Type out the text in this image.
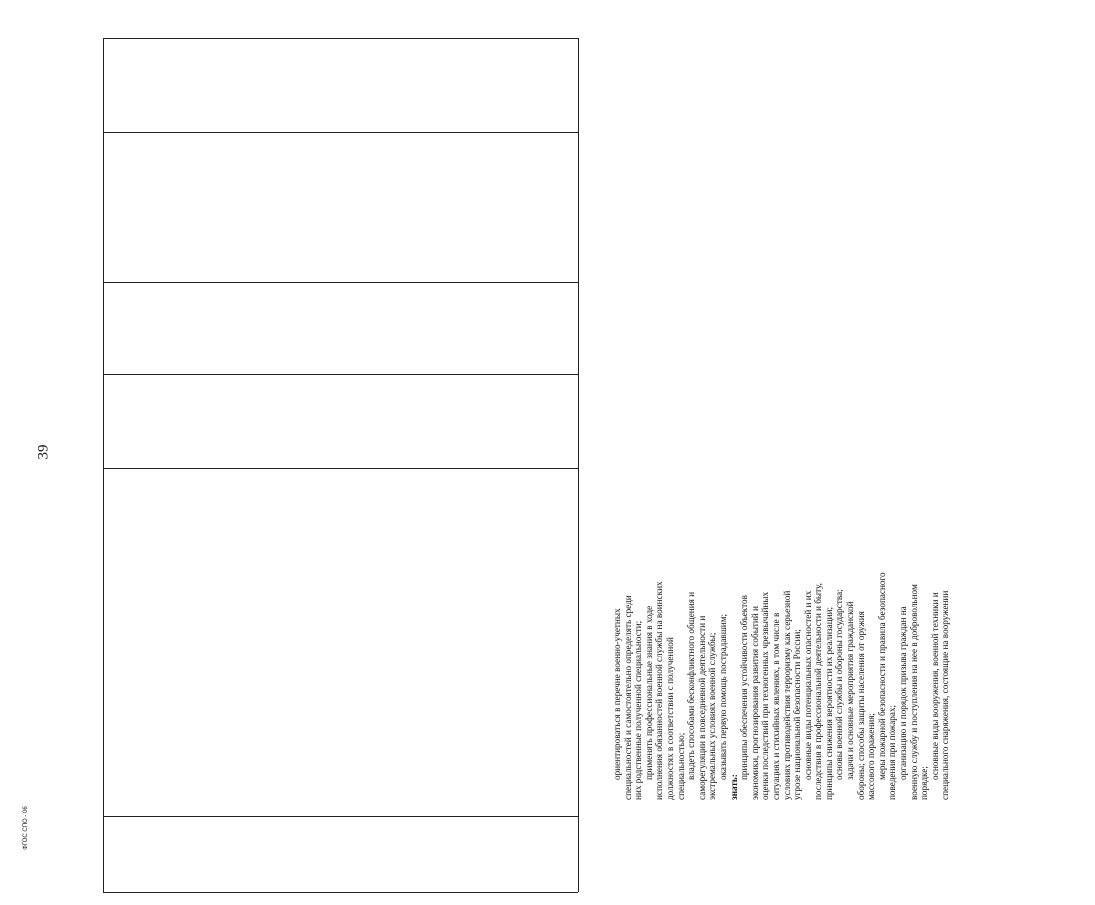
39
ФГОС СПО - 06
ориентироваться в перечне военно-учетных специальностей и самостоятельно определять среди них родственные полученной специальности; применять профессиональные знания в ходе исполнения обязанностей военной службы на воинских должностях в соответствии с полученной специальностью; владеть способами бесконфликтного общения и саморегуляции в повседневной деятельности и экстремальных условиях военной службы; оказывать первую помощь пострадавшим;
знать:
принципы обеспечения устойчивости объектов экономики, прогнозирования развития событий и оценки последствий при техногенных чрезвычайных ситуациях и стихийных явлениях, в том числе в условиях противодействия терроризму как серьезной угрозе национальной безопасности России; основные виды потенциальных опасностей и их последствия в профессиональной деятельности и быту, принципы снижения вероятности их реализации; основы военной службы и обороны государства; задачи и основные мероприятия гражданской обороны; способы защиты населения от оружия массового поражения; меры пожарной безопасности и правила безопасного поведения при пожарах; организацию и порядок призыва граждан на военную службу и поступления на нее в добровольном порядке;
основные виды вооружения, военной техники и специального снаряжения, состоящие на вооружении
